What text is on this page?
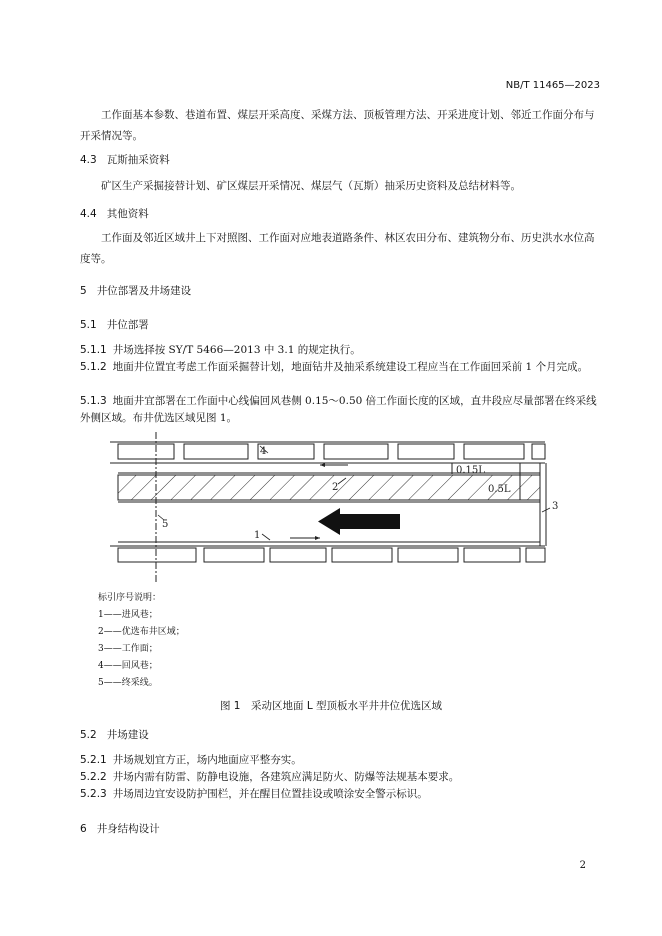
NB/T 11465—2023
工作面基本参数、巷道布置、煤层开采高度、采煤方法、顶板管理方法、开采进度计划、邻近工作面分布与开采情况等。
4.3 瓦斯抽采资料
矿区生产采掘接替计划、矿区煤层开采情况、煤层气（瓦斯）抽采历史资料及总结材料等。
4.4 其他资料
工作面及邻近区域井上下对照图、工作面对应地表道路条件、林区农田分布、建筑物分布、历史洪水水位高度等。
5 井位部署及井场建设
5.1 井位部署
5.1.1 井场选择按 SY/T 5466—2013 中 3.1 的规定执行。
5.1.2 地面井位置宜考虑工作面采掘替计划，地面钻井及抽采系统建设工程应当在工作面回采前 1 个月完成。
5.1.3 地面井宜部署在工作面中心线偏回风巷侧 0.15～0.50 倍工作面长度的区域，直井段应尽量部署在终采线外侧区域。布井优选区域见图 1。
4
2
1
5
3
0.15L
0.5L
标引序号说明：
1——进风巷；
2——优选布井区域；
3——工作面；
4——回风巷；
5——终采线。
图 1　采动区地面 L 型顶板水平井井位优选区域
5.2 井场建设
5.2.1 井场规划宜方正，场内地面应平整夯实。
5.2.2 井场内需有防雷、防静电设施，各建筑应满足防火、防爆等法规基本要求。
5.2.3 井场周边宜安设防护围栏，并在醒目位置挂设或喷涂安全警示标识。
6 井身结构设计
2
